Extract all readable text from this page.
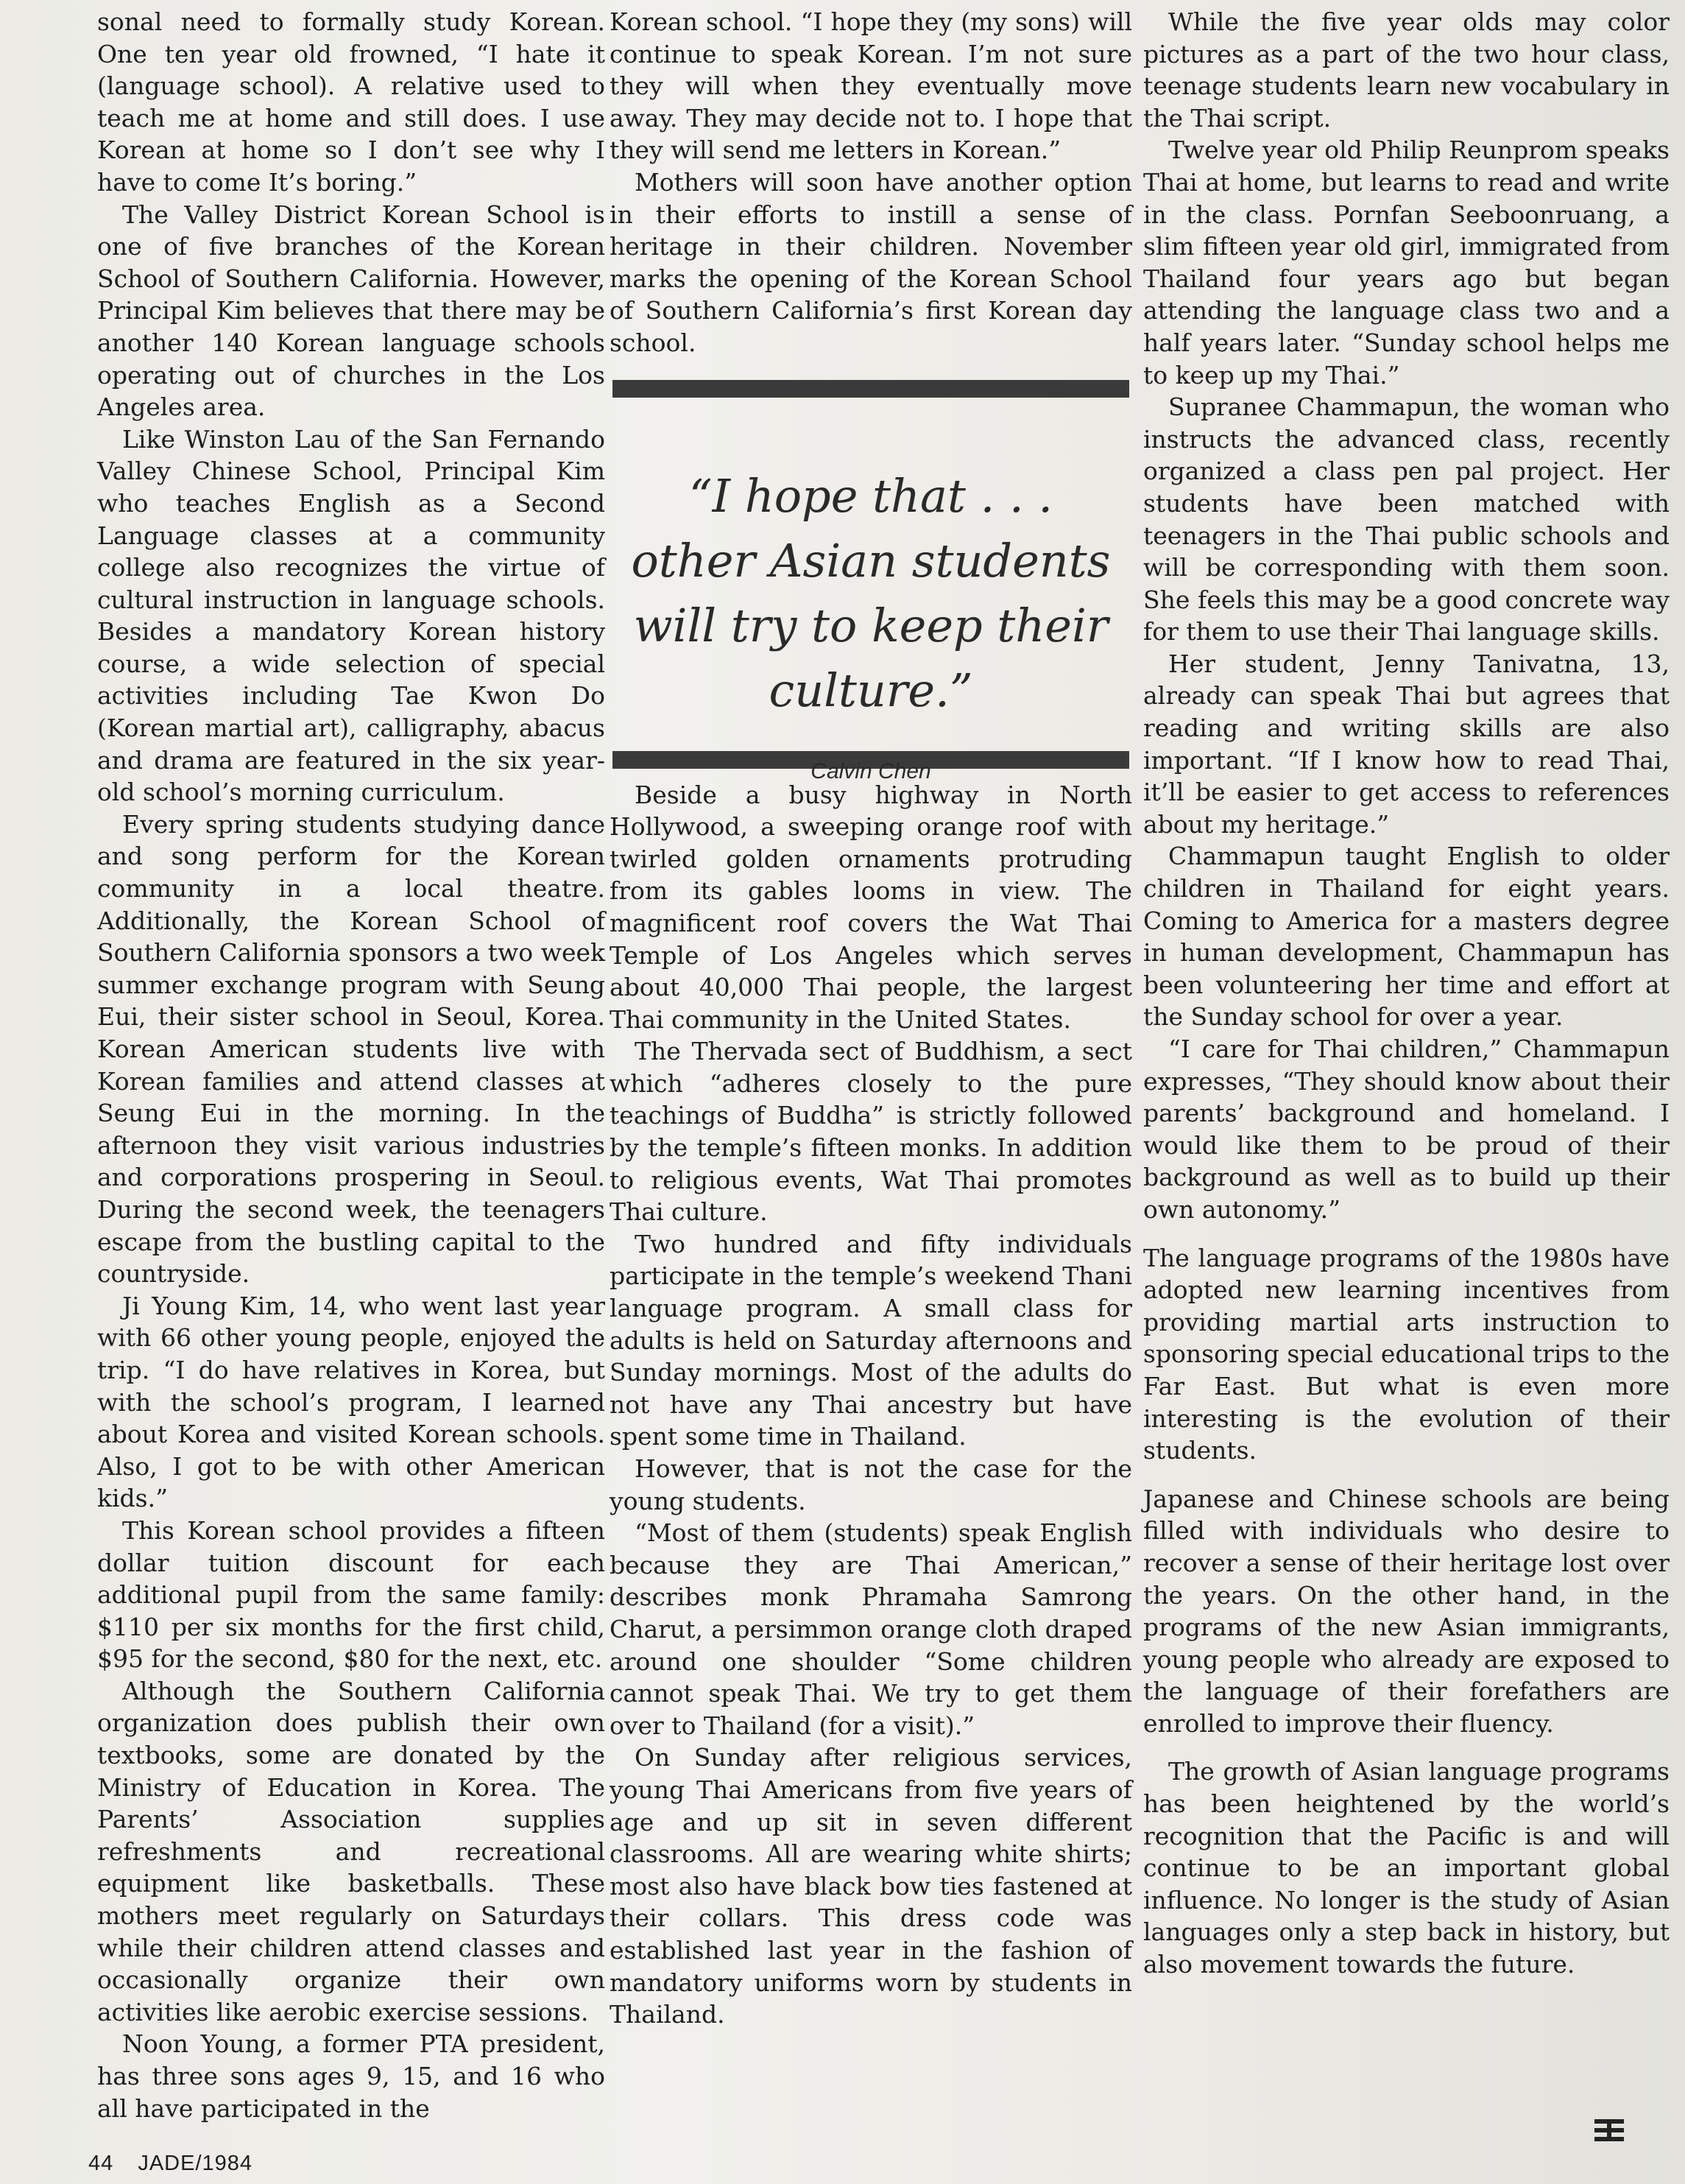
sonal need to formally study Korean. One ten year old frowned, “I hate it (language school). A relative used to teach me at home and still does. I use Korean at home so I don’t see why I have to come It’s boring.”

The Valley District Korean School is one of five branches of the Korean School of Southern California. However, Principal Kim believes that there may be another 140 Korean language schools operating out of churches in the Los Angeles area.

Like Winston Lau of the San Fernando Valley Chinese School, Principal Kim who teaches English as a Second Language classes at a community college also recognizes the virtue of cultural instruction in language schools. Besides a mandatory Korean history course, a wide selection of special activities including Tae Kwon Do (Korean martial art), calligraphy, abacus and drama are featured in the six year-old school’s morning curriculum.

Every spring students studying dance and song perform for the Korean community in a local theatre. Additionally, the Korean School of Southern California sponsors a two week summer exchange program with Seung Eui, their sister school in Seoul, Korea. Korean American students live with Korean families and attend classes at Seung Eui in the morning. In the afternoon they visit various industries and corporations prospering in Seoul. During the second week, the teenagers escape from the bustling capital to the countryside.

Ji Young Kim, 14, who went last year with 66 other young people, enjoyed the trip. “I do have relatives in Korea, but with the school’s program, I learned about Korea and visited Korean schools. Also, I got to be with other American kids.”

This Korean school provides a fifteen dollar tuition discount for each additional pupil from the same family: $110 per six months for the first child, $95 for the second, $80 for the next, etc.

Although the Southern California organization does publish their own textbooks, some are donated by the Ministry of Education in Korea. The Parents’ Association supplies refreshments and recreational equipment like basketballs. These mothers meet regularly on Saturdays while their children attend classes and occasionally organize their own activities like aerobic exercise sessions.

Noon Young, a former PTA president, has three sons ages 9, 15, and 16 who all have participated in the

Korean school. “I hope they (my sons) will continue to speak Korean. I’m not sure they will when they eventually move away. They may decide not to. I hope that they will send me letters in Korean.”

Mothers will soon have another option in their efforts to instill a sense of heritage in their children. November marks the opening of the Korean School of Southern California’s first Korean day school.

“I hope that . . . other Asian students will try to keep their culture.”
Calvin Chen

Beside a busy highway in North Hollywood, a sweeping orange roof with twirled golden ornaments protruding from its gables looms in view. The magnificent roof covers the Wat Thai Temple of Los Angeles which serves about 40,000 Thai people, the largest Thai community in the United States.

The Thervada sect of Buddhism, a sect which “adheres closely to the pure teachings of Buddha” is strictly followed by the temple’s fifteen monks. In addition to religious events, Wat Thai promotes Thai culture.

Two hundred and fifty individuals participate in the temple’s weekend Thani language program. A small class for adults is held on Saturday afternoons and Sunday mornings. Most of the adults do not have any Thai ancestry but have spent some time in Thailand.

However, that is not the case for the young students.

“Most of them (students) speak English because they are Thai American,” describes monk Phramaha Samrong Charut, a persimmon orange cloth draped around one shoulder “Some children cannot speak Thai. We try to get them over to Thailand (for a visit).”

On Sunday after religious services, young Thai Americans from five years of age and up sit in seven different classrooms. All are wearing white shirts; most also have black bow ties fastened at their collars. This dress code was established last year in the fashion of mandatory uniforms worn by students in Thailand.

While the five year olds may color pictures as a part of the two hour class, teenage students learn new vocabulary in the Thai script.

Twelve year old Philip Reunprom speaks Thai at home, but learns to read and write in the class. Pornfan Seeboonruang, a slim fifteen year old girl, immigrated from Thailand four years ago but began attending the language class two and a half years later. “Sunday school helps me to keep up my Thai.”

Supranee Chammapun, the woman who instructs the advanced class, recently organized a class pen pal project. Her students have been matched with teenagers in the Thai public schools and will be corresponding with them soon. She feels this may be a good concrete way for them to use their Thai language skills.

Her student, Jenny Tanivatna, 13, already can speak Thai but agrees that reading and writing skills are also important. “If I know how to read Thai, it’ll be easier to get access to references about my heritage.”

Chammapun taught English to older children in Thailand for eight years. Coming to America for a masters degree in human development, Chammapun has been volunteering her time and effort at the Sunday school for over a year.

“I care for Thai children,” Chammapun expresses, “They should know about their parents’ background and homeland. I would like them to be proud of their background as well as to build up their own autonomy.”

The language programs of the 1980s have adopted new learning incentives from providing martial arts instruction to sponsoring special educational trips to the Far East. But what is even more interesting is the evolution of their students.

Japanese and Chinese schools are being filled with individuals who desire to recover a sense of their heritage lost over the years. On the other hand, in the programs of the new Asian immigrants, young people who already are exposed to the language of their forefathers are enrolled to improve their fluency.

The growth of Asian language programs has been heightened by the world’s recognition that the Pacific is and will continue to be an important global influence. No longer is the study of Asian languages only a step back in history, but also movement towards the future.

44 JADE/1984
